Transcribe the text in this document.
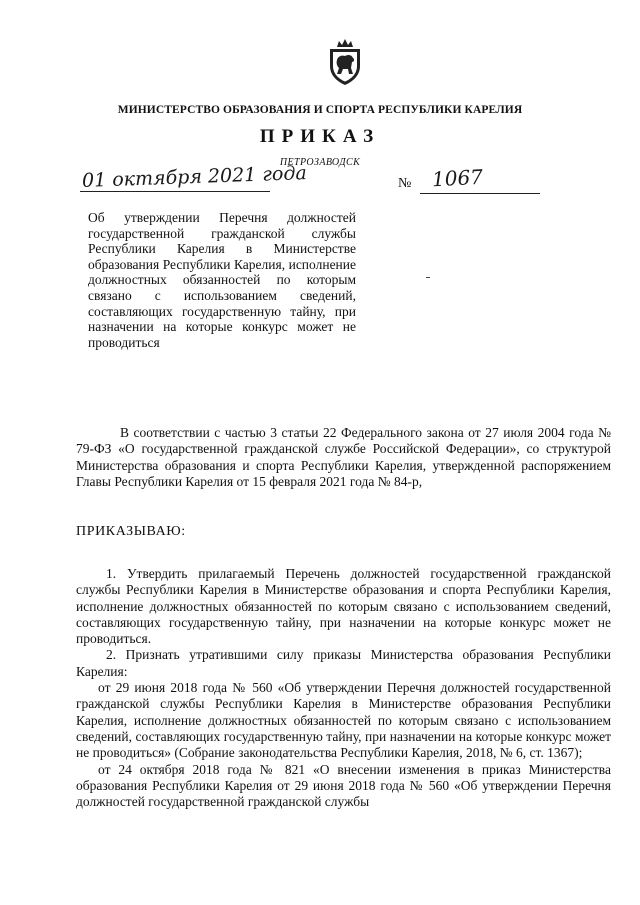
МИНИСТЕРСТВО ОБРАЗОВАНИЯ И СПОРТА РЕСПУБЛИКИ КАРЕЛИЯ
ПРИКАЗ
ПЕТРОЗАВОДСК
01 октября 2021 года	№ 1067
Об утверждении Перечня должностей государственной гражданской службы Республики Карелия в Министерстве образования Республики Карелия, исполнение должностных обязанностей по которым связано с использованием сведений, составляющих государственную тайну, при назначении на которые конкурс может не проводиться
В соответствии с частью 3 статьи 22 Федерального закона от 27 июля 2004 года № 79-ФЗ «О государственной гражданской службе Российской Федерации», со структурой Министерства образования и спорта Республики Карелия, утвержденной распоряжением Главы Республики Карелия от 15 февраля 2021 года № 84-р,
ПРИКАЗЫВАЮ:

1. Утвердить прилагаемый Перечень должностей государственной гражданской службы Республики Карелия в Министерстве образования и спорта Республики Карелия, исполнение должностных обязанностей по которым связано с использованием сведений, составляющих государственную тайну, при назначении на которые конкурс может не проводиться.

2. Признать утратившими силу приказы Министерства образования Республики Карелия:

от 29 июня 2018 года № 560 «Об утверждении Перечня должностей государственной гражданской службы Республики Карелия в Министерстве образования Республики Карелия, исполнение должностных обязанностей по которым связано с использованием сведений, составляющих государственную тайну, при назначении на которые конкурс может не проводиться» (Собрание законодательства Республики Карелия, 2018, № 6, ст. 1367);

от 24 октября 2018 года № 821 «О внесении изменения в приказ Министерства образования Республики Карелия от 29 июня 2018 года № 560 «Об утверждении Перечня должностей государственной гражданской службы
